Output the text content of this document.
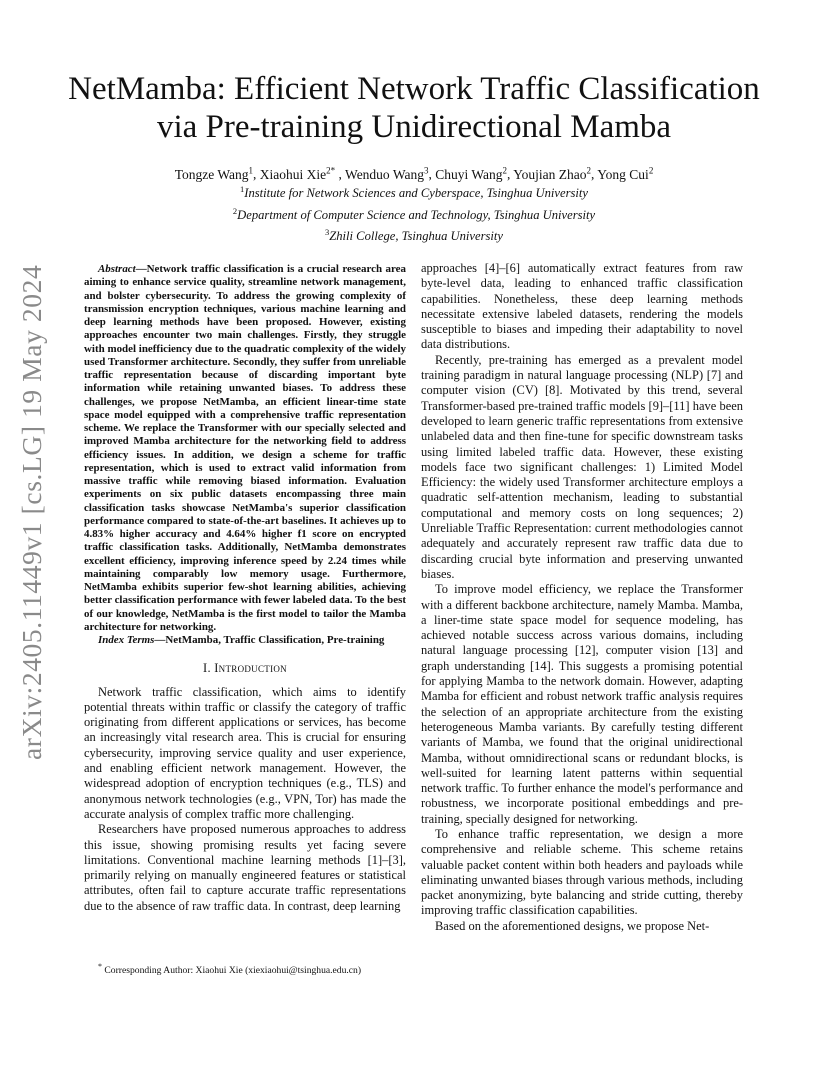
arXiv:2405.11449v1 [cs.LG] 19 May 2024
NetMamba: Efficient Network Traffic Classification
via Pre-training Unidirectional Mamba
Tongze Wang$^1$, Xiaohui Xie$^{2*}$ , Wenduo Wang$^3$, Chuyi Wang$^2$, Youjian Zhao$^2$, Yong Cui$^2$
$^1$Institute for Network Sciences and Cyberspace, Tsinghua University
$^2$Department of Computer Science and Technology, Tsinghua University
$^3$Zhili College, Tsinghua University

Abstract—Network traffic classification is a crucial research area aiming to enhance service quality, streamline network management, and bolster cybersecurity. To address the growing complexity of transmission encryption techniques, various machine learning and deep learning methods have been proposed. However, existing approaches encounter two main challenges. Firstly, they struggle with model inefficiency due to the quadratic complexity of the widely used Transformer architecture. Secondly, they suffer from unreliable traffic representation because of discarding important byte information while retaining unwanted biases. To address these challenges, we propose NetMamba, an efficient linear-time state space model equipped with a comprehensive traffic representation scheme. We replace the Transformer with our specially selected and improved Mamba architecture for the networking field to address efficiency issues. In addition, we design a scheme for traffic representation, which is used to extract valid information from massive traffic while removing biased information. Evaluation experiments on six public datasets encompassing three main classification tasks showcase NetMamba's superior classification performance compared to state-of-the-art baselines. It achieves up to 4.83% higher accuracy and 4.64% higher f1 score on encrypted traffic classification tasks. Additionally, NetMamba demonstrates excellent efficiency, improving inference speed by 2.24 times while maintaining comparably low memory usage. Furthermore, NetMamba exhibits superior few-shot learning abilities, achieving better classification performance with fewer labeled data. To the best of our knowledge, NetMamba is the first model to tailor the Mamba architecture for networking.

Index Terms—NetMamba, Traffic Classification, Pre-training
I. Introduction

Network traffic classification, which aims to identify potential threats within traffic or classify the category of traffic originating from different applications or services, has become an increasingly vital research area. This is crucial for ensuring cybersecurity, improving service quality and user experience, and enabling efficient network management. However, the widespread adoption of encryption techniques (e.g., TLS) and anonymous network technologies (e.g., VPN, Tor) has made the accurate analysis of complex traffic more challenging.

Researchers have proposed numerous approaches to address this issue, showing promising results yet facing severe limitations. Conventional machine learning methods [1]–[3], primarily relying on manually engineered features or statistical attributes, often fail to capture accurate traffic representations due to the absence of raw traffic data. In contrast, deep learning

approaches [4]–[6] automatically extract features from raw byte-level data, leading to enhanced traffic classification capabilities. Nonetheless, these deep learning methods necessitate extensive labeled datasets, rendering the models susceptible to biases and impeding their adaptability to novel data distributions.

Recently, pre-training has emerged as a prevalent model training paradigm in natural language processing (NLP) [7] and computer vision (CV) [8]. Motivated by this trend, several Transformer-based pre-trained traffic models [9]–[11] have been developed to learn generic traffic representations from extensive unlabeled data and then fine-tune for specific downstream tasks using limited labeled traffic data. However, these existing models face two significant challenges: 1) Limited Model Efficiency: the widely used Transformer architecture employs a quadratic self-attention mechanism, leading to substantial computational and memory costs on long sequences; 2) Unreliable Traffic Representation: current methodologies cannot adequately and accurately represent raw traffic data due to discarding crucial byte information and preserving unwanted biases.

To improve model efficiency, we replace the Transformer with a different backbone architecture, namely Mamba. Mamba, a liner-time state space model for sequence modeling, has achieved notable success across various domains, including natural language processing [12], computer vision [13] and graph understanding [14]. This suggests a promising potential for applying Mamba to the network domain. However, adapting Mamba for efficient and robust network traffic analysis requires the selection of an appropriate architecture from the existing heterogeneous Mamba variants. By carefully testing different variants of Mamba, we found that the original unidirectional Mamba, without omnidirectional scans or redundant blocks, is well-suited for learning latent patterns within sequential network traffic. To further enhance the model's performance and robustness, we incorporate positional embeddings and pre-training, specially designed for networking.

To enhance traffic representation, we design a more comprehensive and reliable scheme. This scheme retains valuable packet content within both headers and payloads while eliminating unwanted biases through various methods, including packet anonymizing, byte balancing and stride cutting, thereby improving traffic classification capabilities.

Based on the aforementioned designs, we propose Net-

* Corresponding Author: Xiaohui Xie (xiexiaohui@tsinghua.edu.cn)
